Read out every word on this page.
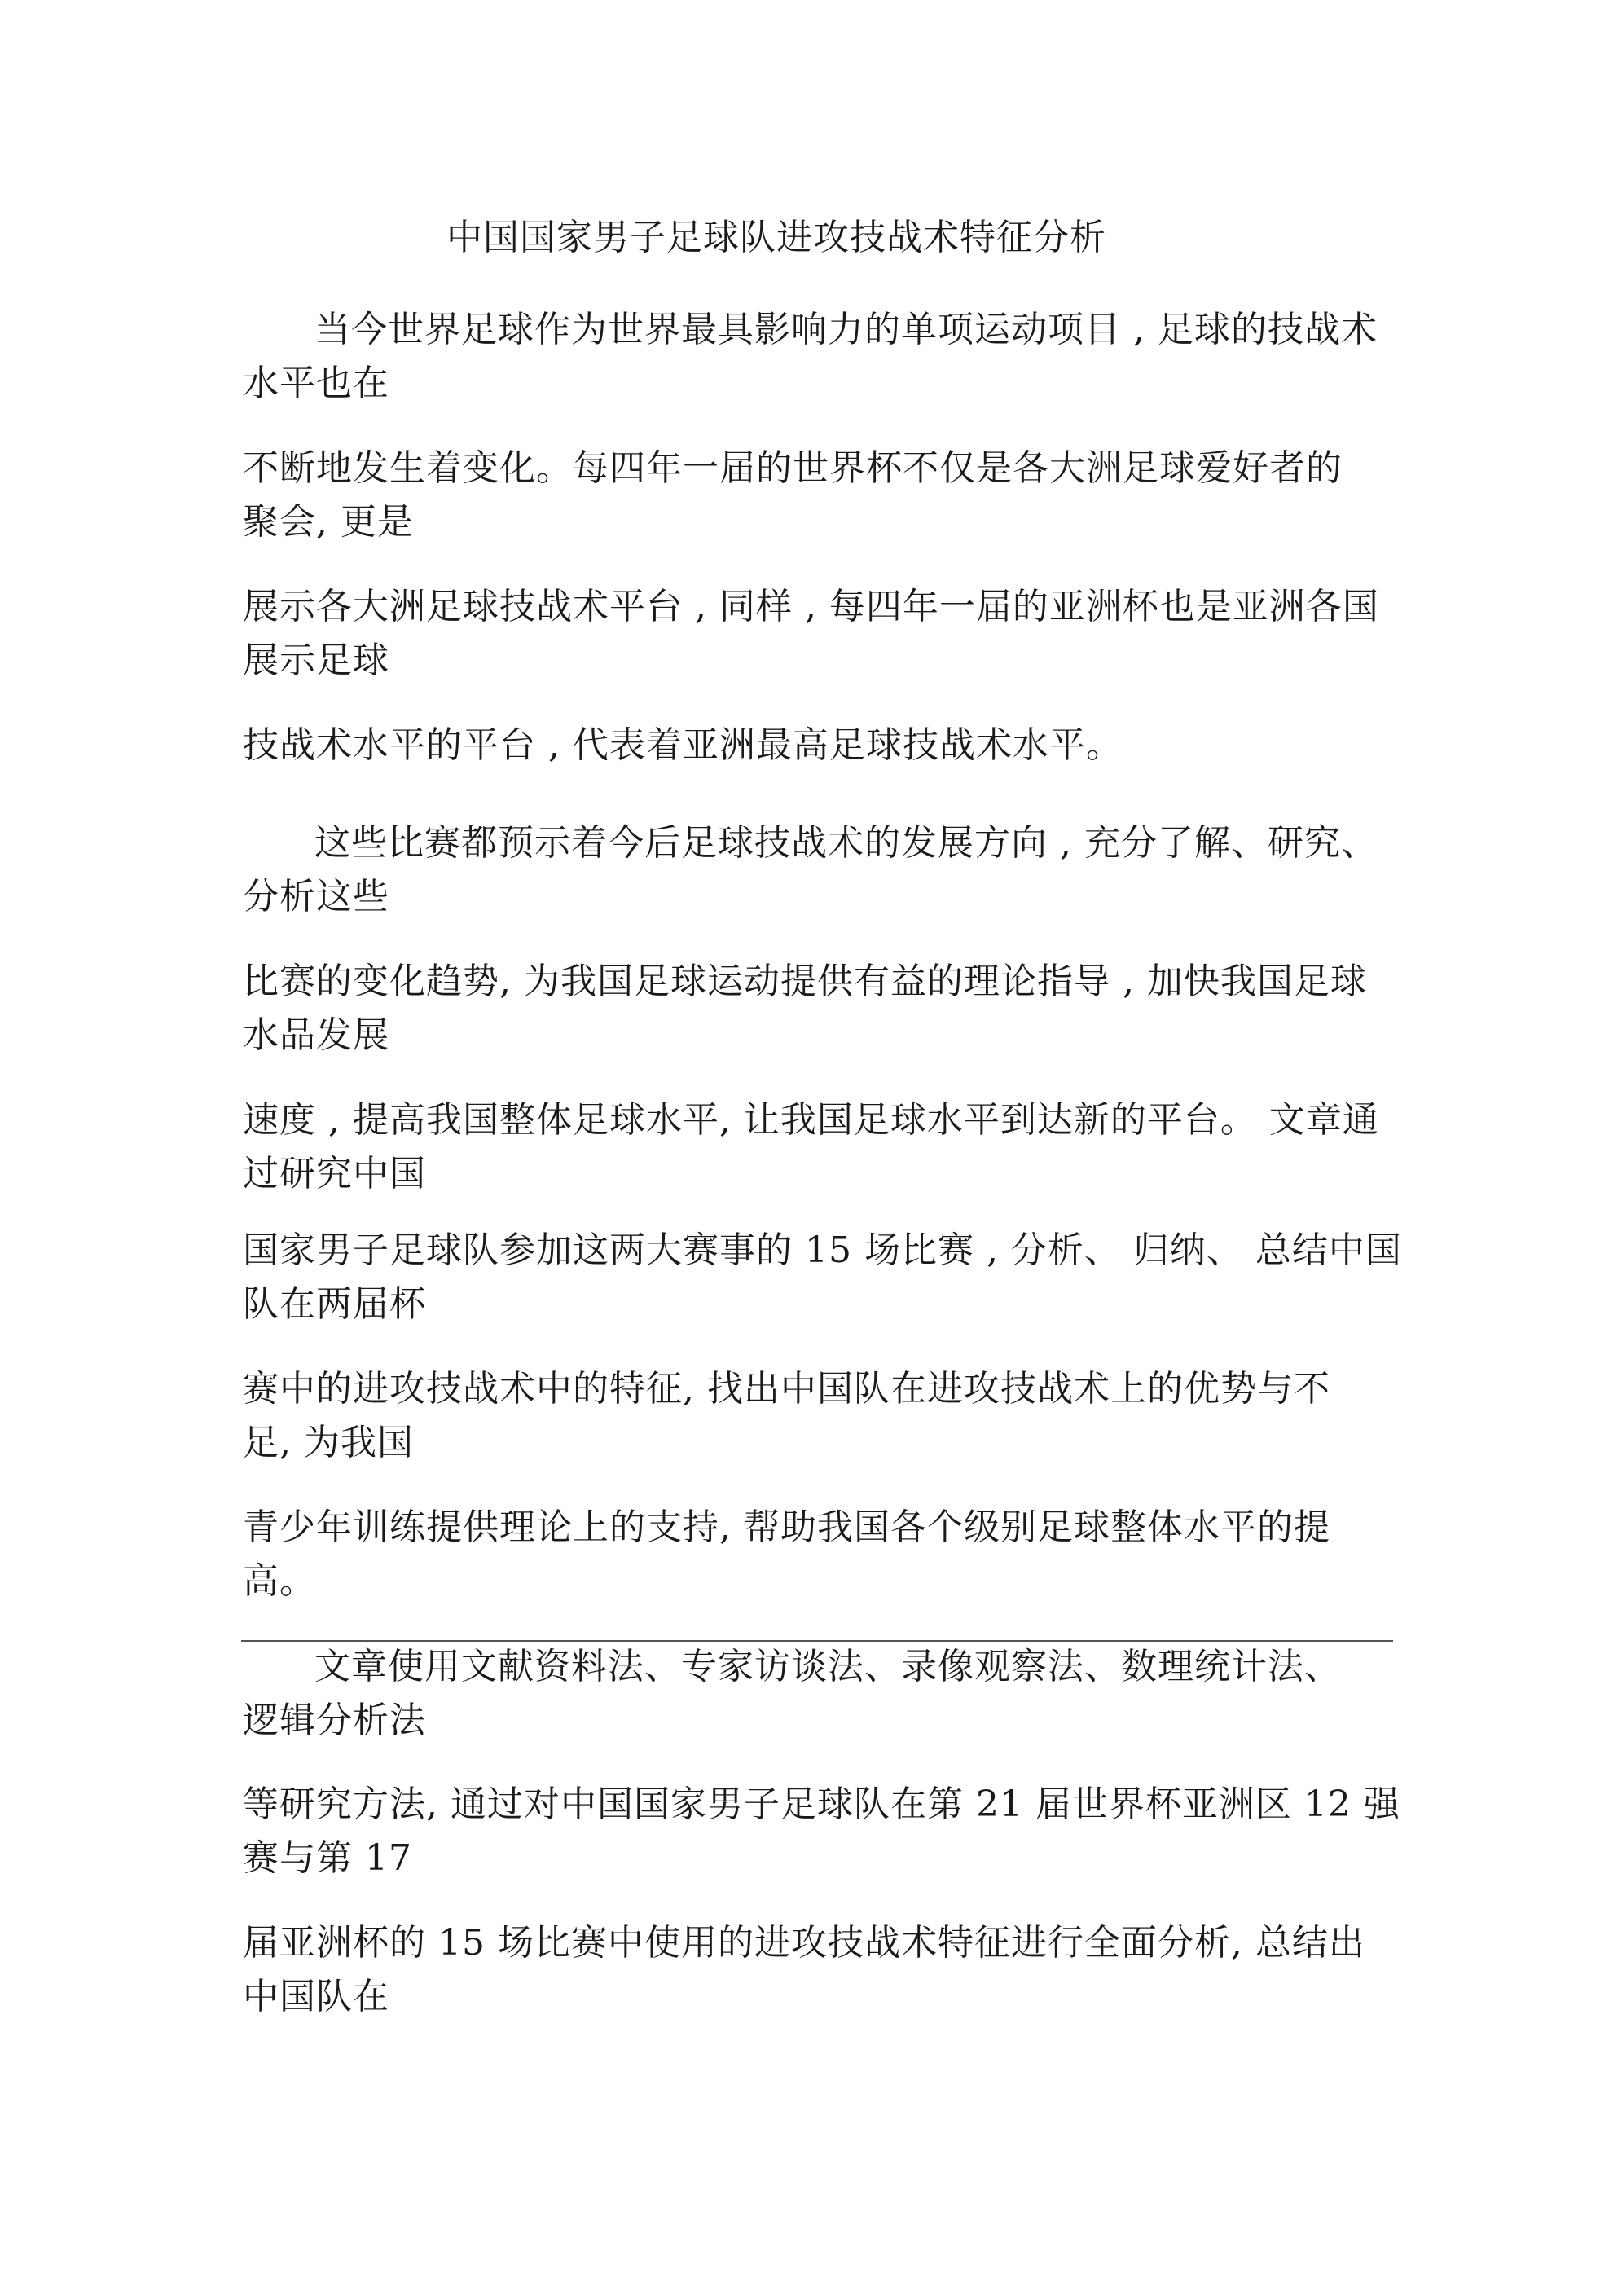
中国国家男子足球队进攻技战术特征分析
当今世界足球作为世界最具影响力的单项运动项目 , 足球的技战术
水平也在
不断地发生着变化。每四年一届的世界杯不仅是各大洲足球爱好者的
聚会, 更是
展示各大洲足球技战术平台 , 同样 , 每四年一届的亚洲杯也是亚洲各国
展示足球
技战术水平的平台 , 代表着亚洲最高足球技战术水平。
这些比赛都预示着今后足球技战术的发展方向 , 充分了解、研究、
分析这些
比赛的变化趋势, 为我国足球运动提供有益的理论指导 , 加快我国足球
水品发展
速度 , 提高我国整体足球水平, 让我国足球水平到达新的平台。 文章通
过研究中国
国家男子足球队参加这两大赛事的 15 场比赛 , 分析、 归纳、 总结中国
队在两届杯
赛中的进攻技战术中的特征, 找出中国队在进攻技战术上的优势与不
足, 为我国
青少年训练提供理论上的支持, 帮助我国各个级别足球整体水平的提
高。
文章使用文献资料法、专家访谈法、录像观察法、数理统计法、
逻辑分析法
等研究方法, 通过对中国国家男子足球队在第 21 届世界杯亚洲区 12 强
赛与第 17
届亚洲杯的 15 场比赛中使用的进攻技战术特征进行全面分析, 总结出
中国队在
